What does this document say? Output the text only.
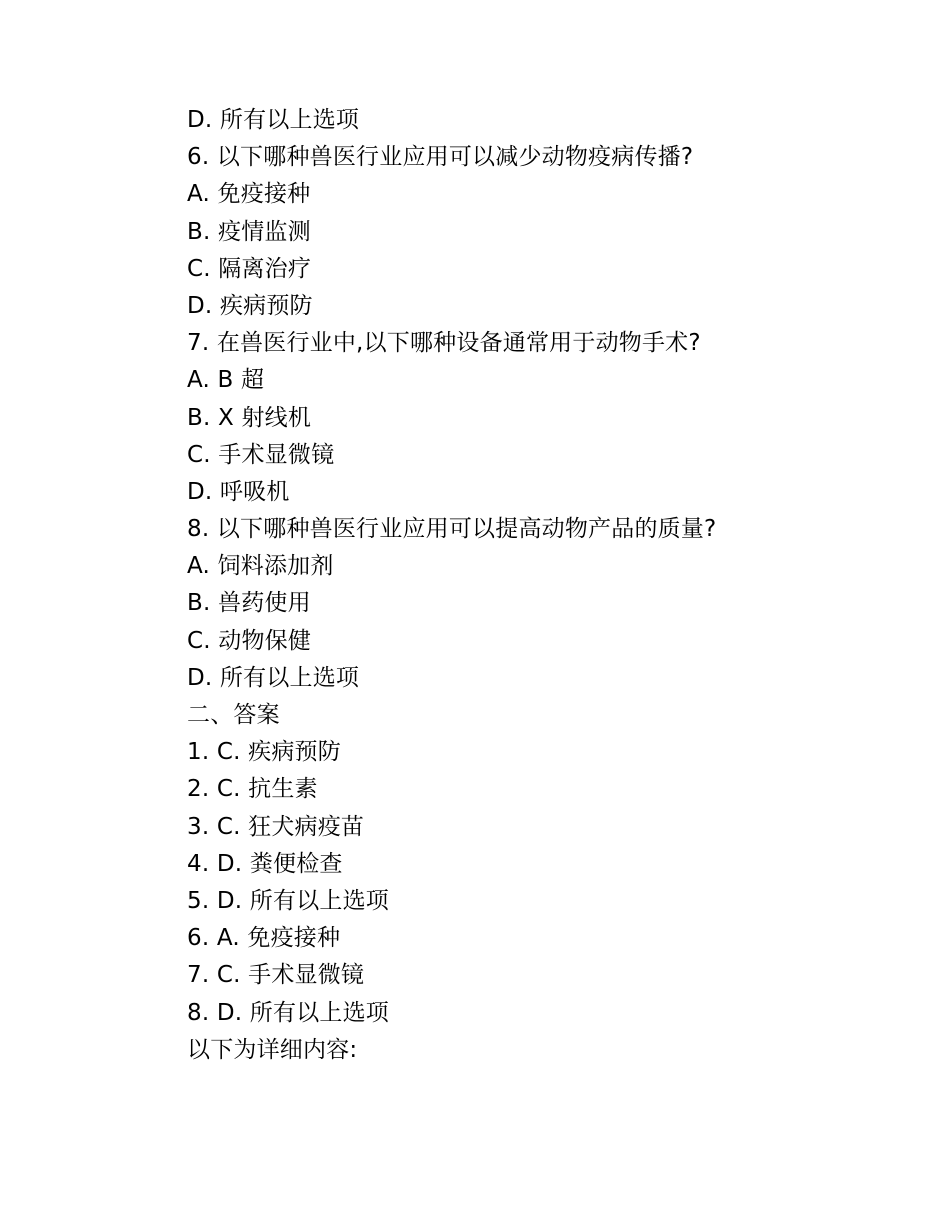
D. 所有以上选项
6. 以下哪种兽医行业应用可以减少动物疫病传播?
A. 免疫接种
B. 疫情监测
C. 隔离治疗
D. 疾病预防
7. 在兽医行业中,以下哪种设备通常用于动物手术?
A. B 超
B. X 射线机
C. 手术显微镜
D. 呼吸机
8. 以下哪种兽医行业应用可以提高动物产品的质量?
A. 饲料添加剂
B. 兽药使用
C. 动物保健
D. 所有以上选项
二、答案
1. C. 疾病预防
2. C. 抗生素
3. C. 狂犬病疫苗
4. D. 粪便检查
5. D. 所有以上选项
6. A. 免疫接种
7. C. 手术显微镜
8. D. 所有以上选项
以下为详细内容:
